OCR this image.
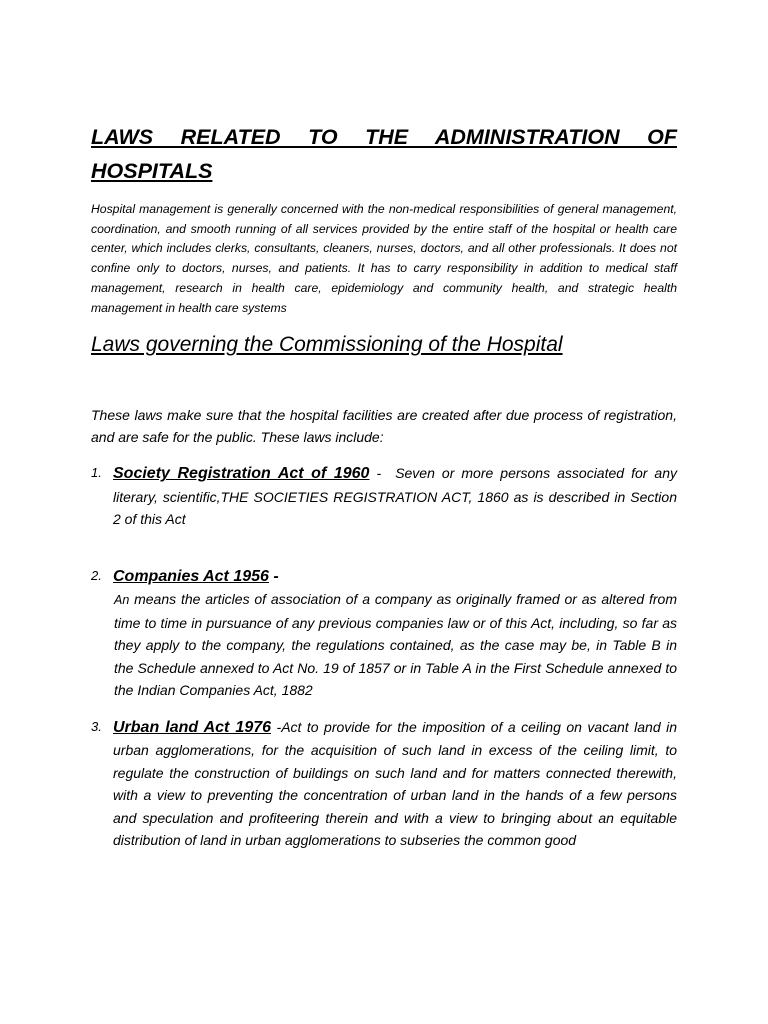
LAWS RELATED TO THE ADMINISTRATION OF HOSPITALS

Hospital management is generally concerned with the non-medical responsibilities of general management, coordination, and smooth running of all services provided by the entire staff of the hospital or health care center, which includes clerks, consultants, cleaners, nurses, doctors, and all other professionals. It does not confine only to doctors, nurses, and patients. It has to carry responsibility in addition to medical staff management, research in health care, epidemiology and community health, and strategic health management in health care systems

Laws governing the Commissioning of the Hospital

These laws make sure that the hospital facilities are created after due process of registration, and are safe for the public. These laws include:

1. Society Registration Act of 1960 -  Seven or more persons associated for any literary, scientific,THE SOCIETIES REGISTRATION ACT, 1860 as is described in Section 2 of this Act
2. Companies Act 1956 -
An means the articles of association of a company as originally framed or as altered from time to time in pursuance of any previous companies law or of this Act, including, so far as they apply to the company, the regulations contained, as the case may be, in Table B in the Schedule annexed to Act No. 19 of 1857 or in Table A in the First Schedule annexed to the Indian Companies Act, 1882
3. Urban land Act 1976 -Act to provide for the imposition of a ceiling on vacant land in urban agglomerations, for the acquisition of such land in excess of the ceiling limit, to regulate the construction of buildings on such land and for matters connected therewith, with a view to preventing the concentration of urban land in the hands of a few persons and speculation and profiteering therein and with a view to bringing about an equitable distribution of land in urban agglomerations to subseries the common good
